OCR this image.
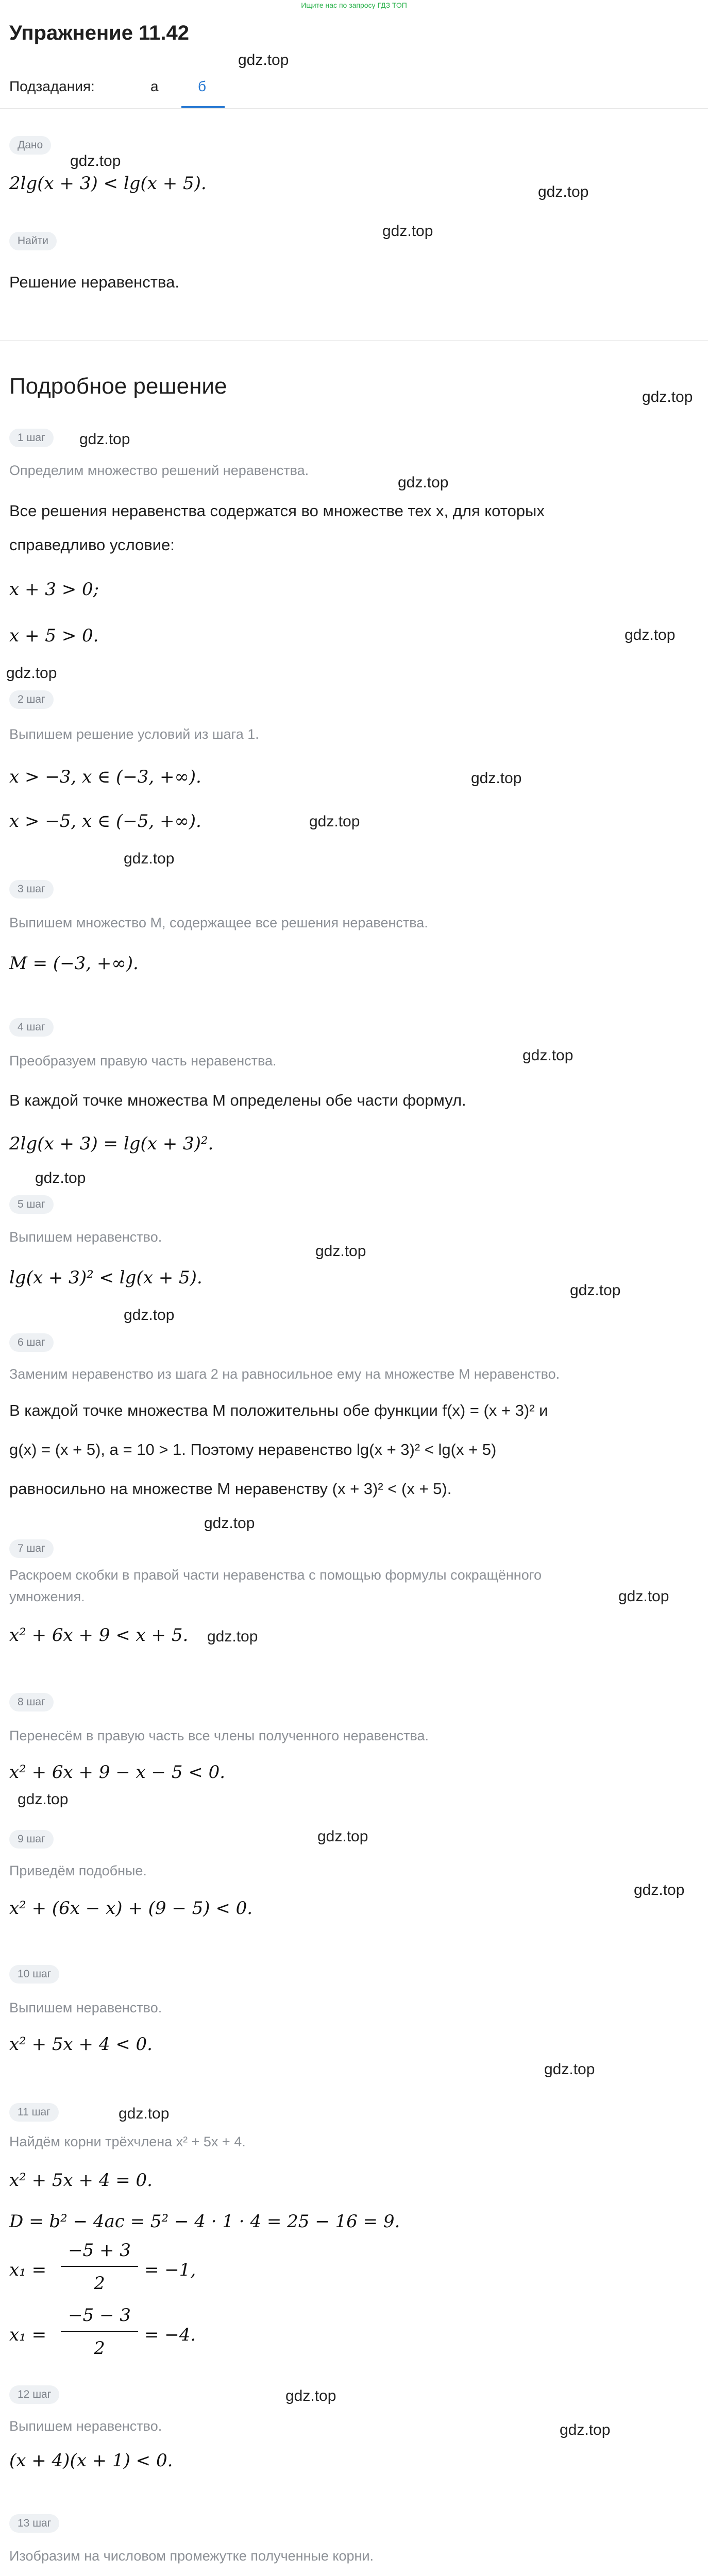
Ищите нас по запросу ГДЗ ТОП
Упражнение 11.42
Подзадания:	а	б
gdz.top
Дано
2lg(x + 3) < lg(x + 5).
gdz.top
gdz.top
gdz.top
Найти
Решение неравенства.
Подробное решение	gdz.top
1 шаг	gdz.top
Определим множество решений неравенства.
gdz.top
Все решения неравенства содержатся во множестве тех x, для которых
справедливо условие:
x + 3 > 0;
x + 5 > 0.	gdz.top
gdz.top
2 шаг
Выпишем решение условий из шага 1.
x > −3, x ∈ (−3, +∞).	gdz.top
x > −5, x ∈ (−5, +∞).	gdz.top
gdz.top
3 шаг
Выпишем множество M, содержащее все решения неравенства.
M = (−3, +∞).
4 шаг
Преобразуем правую часть неравенства.	gdz.top
В каждой точке множества M определены обе части формул.
2lg(x + 3) = lg(x + 3)².
gdz.top
5 шаг
Выпишем неравенство.
gdz.top
lg(x + 3)² < lg(x + 5).
gdz.top
gdz.top
6 шаг
Заменим неравенство из шага 2 на равносильное ему на множестве M неравенство.
В каждой точке множества M положительны обе функции f(x) = (x + 3)² и
g(x) = (x + 5), a = 10 > 1. Поэтому неравенство lg(x + 3)² < lg(x + 5)
равносильно на множестве M неравенству (x + 3)² < (x + 5).
gdz.top
7 шаг
gdz.top
Раскроем скобки в правой части неравенства с помощью формулы сокращённого
умножения.
x² + 6x + 9 < x + 5. gdz.top
8 шаг
Перенесём в правую часть все члены полученного неравенства.
x² + 6x + 9 − x − 5 < 0.
gdz.top
gdz.top
9 шаг
Приведём подобные.
gdz.top
x² + (6x − x) + (9 − 5) < 0.
10 шаг
Выпишем неравенство.
x² + 5x + 4 < 0.
gdz.top
11 шаг	gdz.top
Найдём корни трёхчлена x² + 5x + 4.
x² + 5x + 4 = 0.
D = b² − 4ac = 5² − 4 · 1 · 4 = 25 − 16 = 9.
x₁ =
−5 + 3
2
= −1,
x₁ =
−5 − 3
2
= −4.
12 шаг	gdz.top
Выпишем неравенство.	gdz.top
(x + 4)(x + 1) < 0.
13 шаг
Изобразим на числовом промежутке полученные корни.
